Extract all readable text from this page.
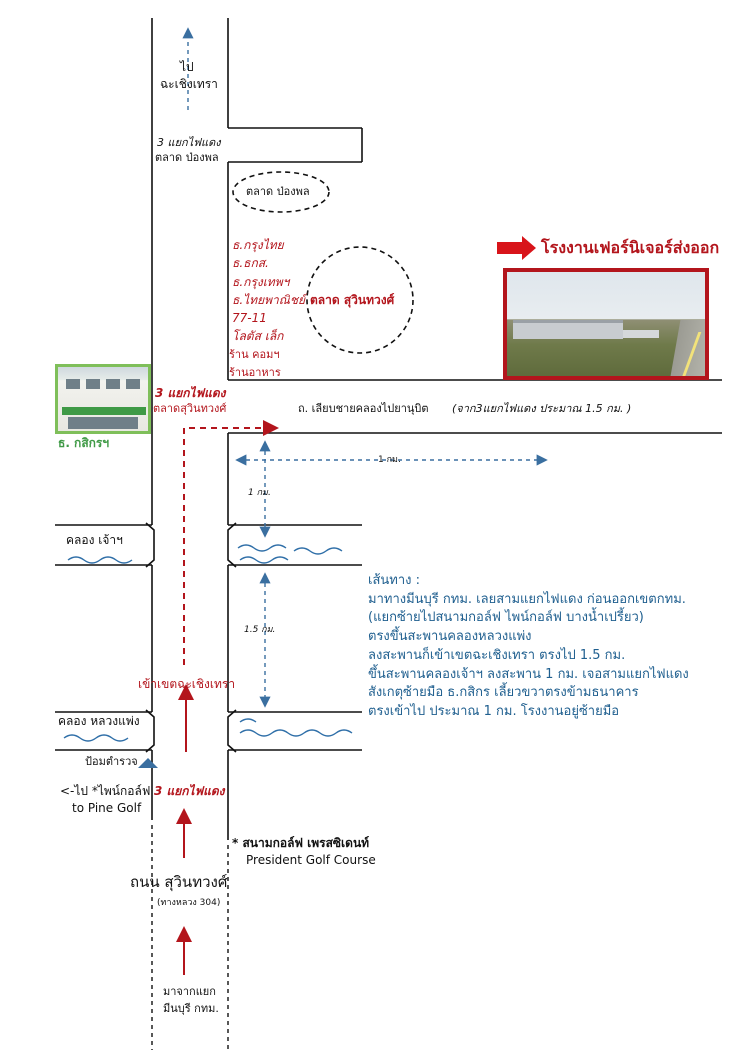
ไป
ฉะเชิงเทรา
3 แยกไฟแดง
ตลาด ป่องพล
ตลาด ป่องพล
ธ.กรุงไทย
ธ.ธกส.
ธ.กรุงเทพฯ
ธ.ไทยพาณิชย์
77-11
โลตัส เล็ก
ร้าน คอมฯ
ร้านอาหาร
ตลาด สุวินทวงศ์
โรงงานเฟอร์นิเจอร์ส่งออก
3 แยกไฟแดง
ตลาดสุวินทวงศ์
ธ. กสิกรฯ
ถ. เลียบชายคลองไปยานุบิต (จาก3แยกไฟแดง ประมาณ 1.5 กม. )
1 กม.
1 กม.
1.5 กม.
คลอง เจ้าฯ
คลอง หลวงแพ่ง
เข้าเขตฉะเชิงเทรา
ป้อมตำรวจ
<-ไป *ไพน์กอล์ฟ
to Pine Golf
3 แยกไฟแดง
* สนามกอล์ฟ เพรสซิเดนท์
President Golf Course
ถนน สุวินทวงศ์
(ทางหลวง 304)
มาจากแยก
มีนบุรี กทม.
เส้นทาง :
มาทางมีนบุรี กทม. เลยสามแยกไฟแดง ก่อนออกเขตกทม.
(แยกซ้ายไปสนามกอล์ฟ ไพน์กอล์ฟ บางน้ำเปรี้ยว)
ตรงขึ้นสะพานคลองหลวงแพ่ง
ลงสะพานก็เข้าเขตฉะเชิงเทรา ตรงไป 1.5 กม.
ขึ้นสะพานคลองเจ้าฯ ลงสะพาน 1 กม. เจอสามแยกไฟแดง
สังเกตุซ้ายมือ ธ.กสิกร เลี้ยวขวาตรงข้ามธนาคาร
ตรงเข้าไป ประมาณ 1 กม. โรงงานอยู่ซ้ายมือ
